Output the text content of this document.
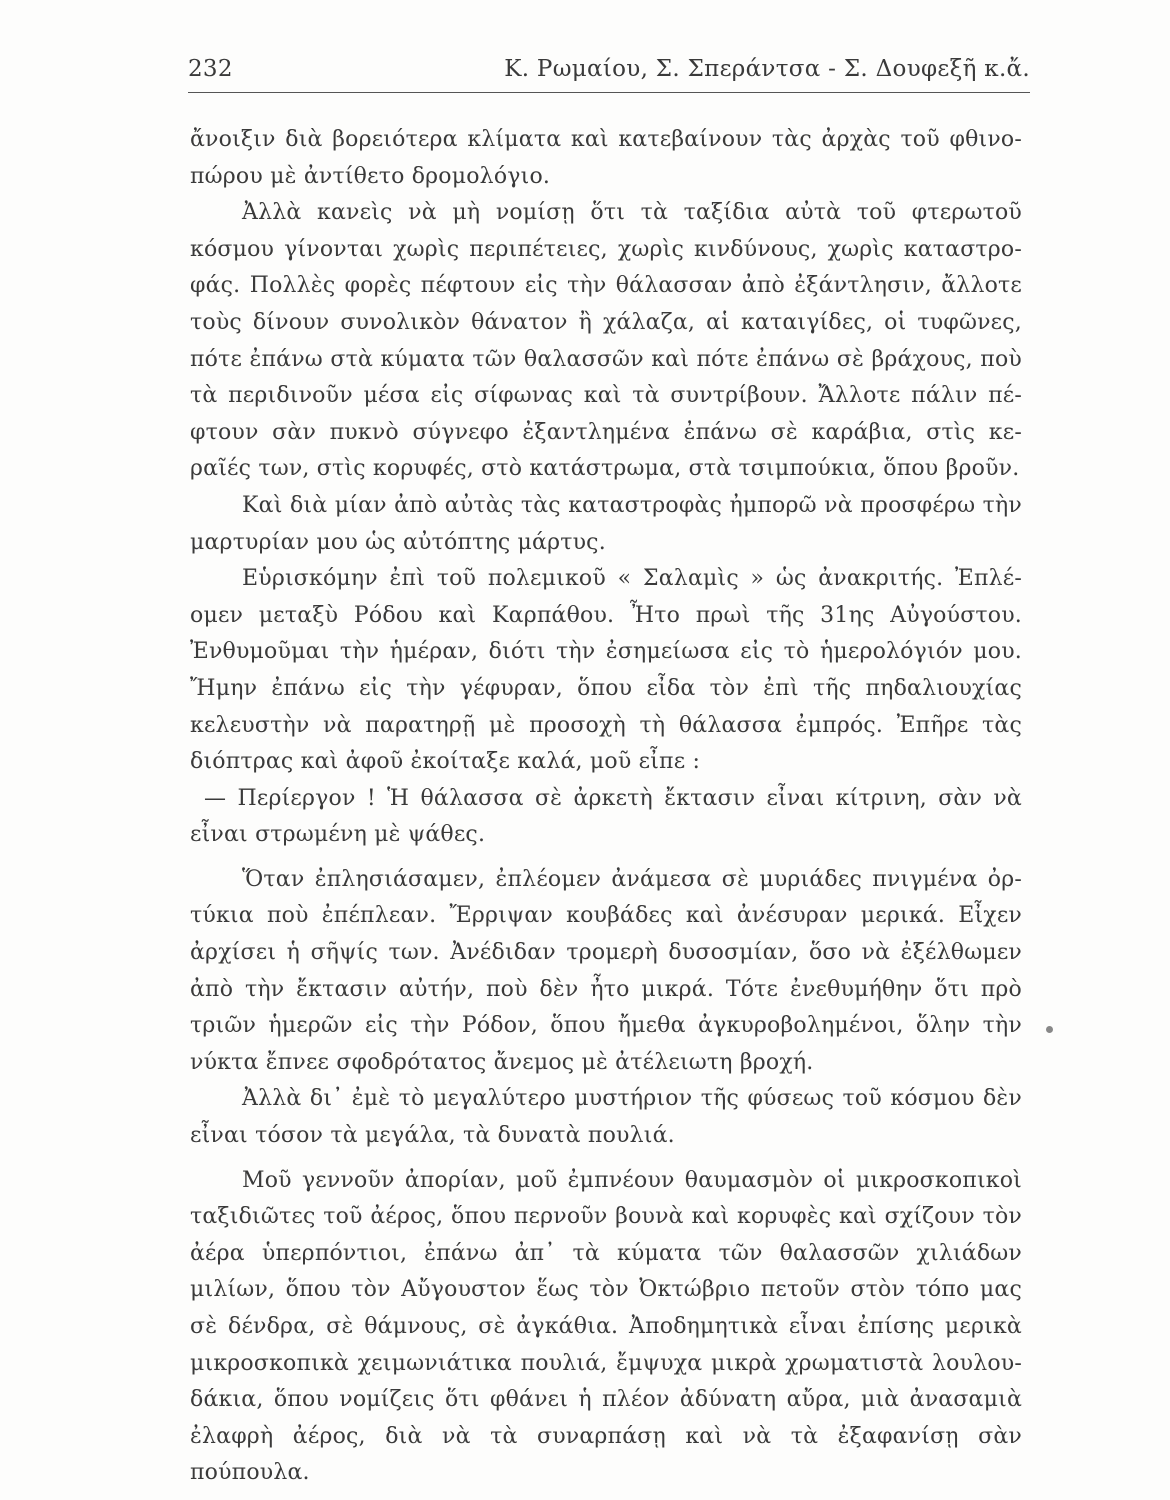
232	Κ. Ρωμαίου, Σ. Σπεράντσα - Σ. Δουφεξῆ κ.ἄ.

ἄνοιξιν διὰ βορειότερα κλίματα καὶ κατεβαίνουν τὰς ἀρχὰς τοῦ φθινο-πώρου μὲ ἀντίθετο δρομολόγιο.

Ἀλλὰ κανεὶς νὰ μὴ νομίσῃ ὅτι τὰ ταξίδια αὐτὰ τοῦ φτερωτοῦ κόσμου γίνονται χωρὶς περιπέτειες, χωρὶς κινδύνους, χωρὶς καταστρο-φάς. Πολλὲς φορὲς πέφτουν εἰς τὴν θάλασσαν ἀπὸ ἐξάντλησιν, ἄλλοτε τοὺς δίνουν συνολικὸν θάνατον ἢ χάλαζα, αἱ καταιγίδες, οἱ τυφῶνες, πότε ἐπάνω στὰ κύματα τῶν θαλασσῶν καὶ πότε ἐπάνω σὲ βράχους, ποὺ τὰ περιδινοῦν μέσα εἰς σίφωνας καὶ τὰ συντρίβουν. Ἄλλοτε πάλιν πέ-φτουν σὰν πυκνὸ σύγνεφο ἐξαντλημένα ἐπάνω σὲ καράβια, στὶς κε-ραῖές των, στὶς κορυφές, στὸ κατάστρωμα, στὰ τσιμπούκια, ὅπου βροῦν.

Καὶ διὰ μίαν ἀπὸ αὐτὰς τὰς καταστροφὰς ἠμπορῶ νὰ προσφέρω τὴν μαρτυρίαν μου ὡς αὐτόπτης μάρτυς.

Εὑρισκόμην ἐπὶ τοῦ πολεμικοῦ « Σαλαμὶς » ὡς ἀνακριτής. Ἐπλέ-ομεν μεταξὺ Ρόδου καὶ Καρπάθου. Ἦτο πρωὶ τῆς 31ης Αὐγούστου. Ἐνθυμοῦμαι τὴν ἡμέραν, διότι τὴν ἐσημείωσα εἰς τὸ ἡμερολόγιόν μου. Ἤμην ἐπάνω εἰς τὴν γέφυραν, ὅπου εἶδα τὸν ἐπὶ τῆς πηδαλιουχίας κελευστὴν νὰ παρατηρῇ μὲ προσοχὴ τὴ θάλασσα ἐμπρός. Ἐπῆρε τὰς διόπτρας καὶ ἀφοῦ ἐκοίταξε καλά, μοῦ εἶπε :

— Περίεργον ! Ἡ θάλασσα σὲ ἀρκετὴ ἔκτασιν εἶναι κίτρινη, σὰν νὰ εἶναι στρωμένη μὲ ψάθες.

Ὅταν ἐπλησιάσαμεν, ἐπλέομεν ἀνάμεσα σὲ μυριάδες πνιγμένα ὀρ-τύκια ποὺ ἐπέπλεαν. Ἔρριψαν κουβάδες καὶ ἀνέσυραν μερικά. Εἶχεν ἀρχίσει ἡ σῆψίς των. Ἀνέδιδαν τρομερὴ δυσοσμίαν, ὅσο νὰ ἐξέλθωμεν ἀπὸ τὴν ἔκτασιν αὐτήν, ποὺ δὲν ἦτο μικρά. Τότε ἐνεθυμήθην ὅτι πρὸ τριῶν ἡμερῶν εἰς τὴν Ρόδον, ὅπου ἤμεθα ἀγκυροβολημένοι, ὅλην τὴν νύκτα ἔπνεε σφοδρότατος ἄνεμος μὲ ἀτέλειωτη βροχή.

Ἀλλὰ δι᾽ ἐμὲ τὸ μεγαλύτερο μυστήριον τῆς φύσεως τοῦ κόσμου δὲν εἶναι τόσον τὰ μεγάλα, τὰ δυνατὰ πουλιά.

Μοῦ γεννοῦν ἀπορίαν, μοῦ ἐμπνέουν θαυμασμὸν οἱ μικροσκοπικοὶ ταξιδιῶτες τοῦ ἀέρος, ὅπου περνοῦν βουνὰ καὶ κορυφὲς καὶ σχίζουν τὸν ἀέρα ὑπερπόντιοι, ἐπάνω ἀπ᾽ τὰ κύματα τῶν θαλασσῶν χιλιάδων μιλίων, ὅπου τὸν Αὔγουστον ἕως τὸν Ὀκτώβριο πετοῦν στὸν τόπο μας σὲ δένδρα, σὲ θάμνους, σὲ ἀγκάθια. Ἀποδημητικὰ εἶναι ἐπίσης μερικὰ μικροσκοπικὰ χειμωνιάτικα πουλιά, ἔμψυχα μικρὰ χρωματιστὰ λουλου-δάκια, ὅπου νομίζεις ὅτι φθάνει ἡ πλέον ἀδύνατη αὔρα, μιὰ ἀνασαμιὰ ἐλαφρὴ ἀέρος, διὰ νὰ τὰ συναρπάσῃ καὶ νὰ τὰ ἐξαφανίσῃ σὰν πούπουλα.
